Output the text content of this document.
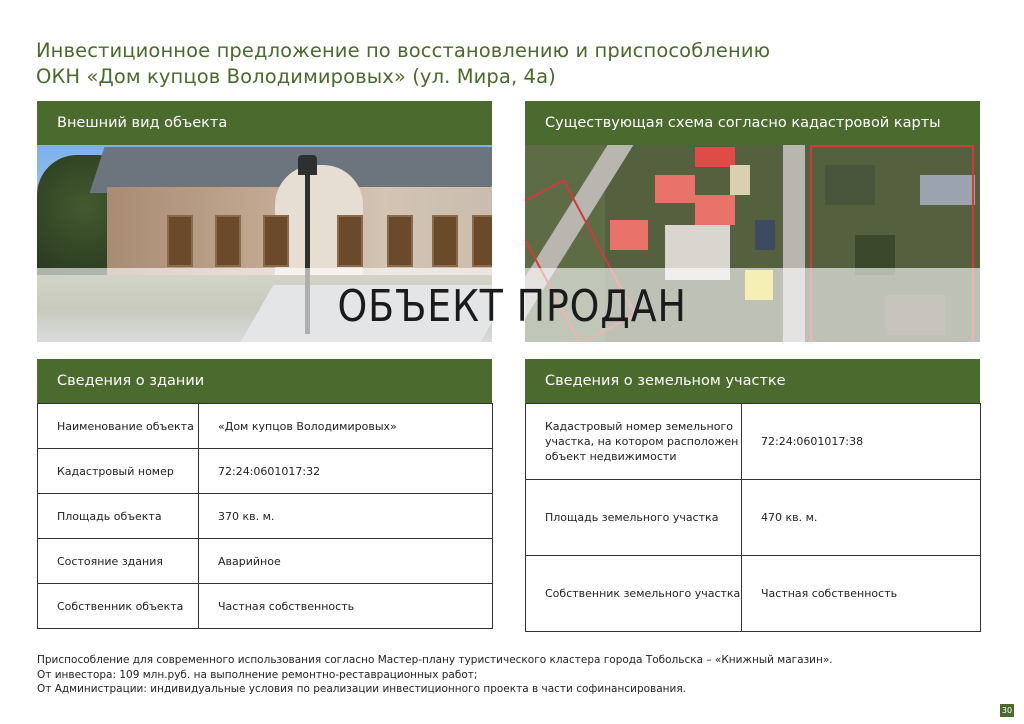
Инвестиционное предложение по восстановлению и приспособлению
ОКН «Дом купцов Володимировых» (ул. Мира, 4а)
Внешний вид объекта	Существующая схема согласно кадастровой карты
ОБЪЕКТ ПРОДАН
Сведения о здании
Наименование объекта	«Дом купцов Володимировых»
Кадастровый номер	72:24:0601017:32
Площадь объекта	370 кв. м.
Состояние здания	Аварийное
Собственник объекта	Частная собственность
Сведения о земельном участке
Кадастровый номер земельного участка, на котором расположен объект недвижимости	72:24:0601017:38
Площадь земельного участка	470 кв. м.
Собственник земельного участка	Частная собственность
Приспособление для современного использования согласно Мастер-плану туристического кластера города Тобольска – «Книжный магазин».
От инвестора: 109 млн.руб. на выполнение ремонтно-реставрационных работ;
От Администрации: индивидуальные условия по реализации инвестиционного проекта в части софинансирования.
30
